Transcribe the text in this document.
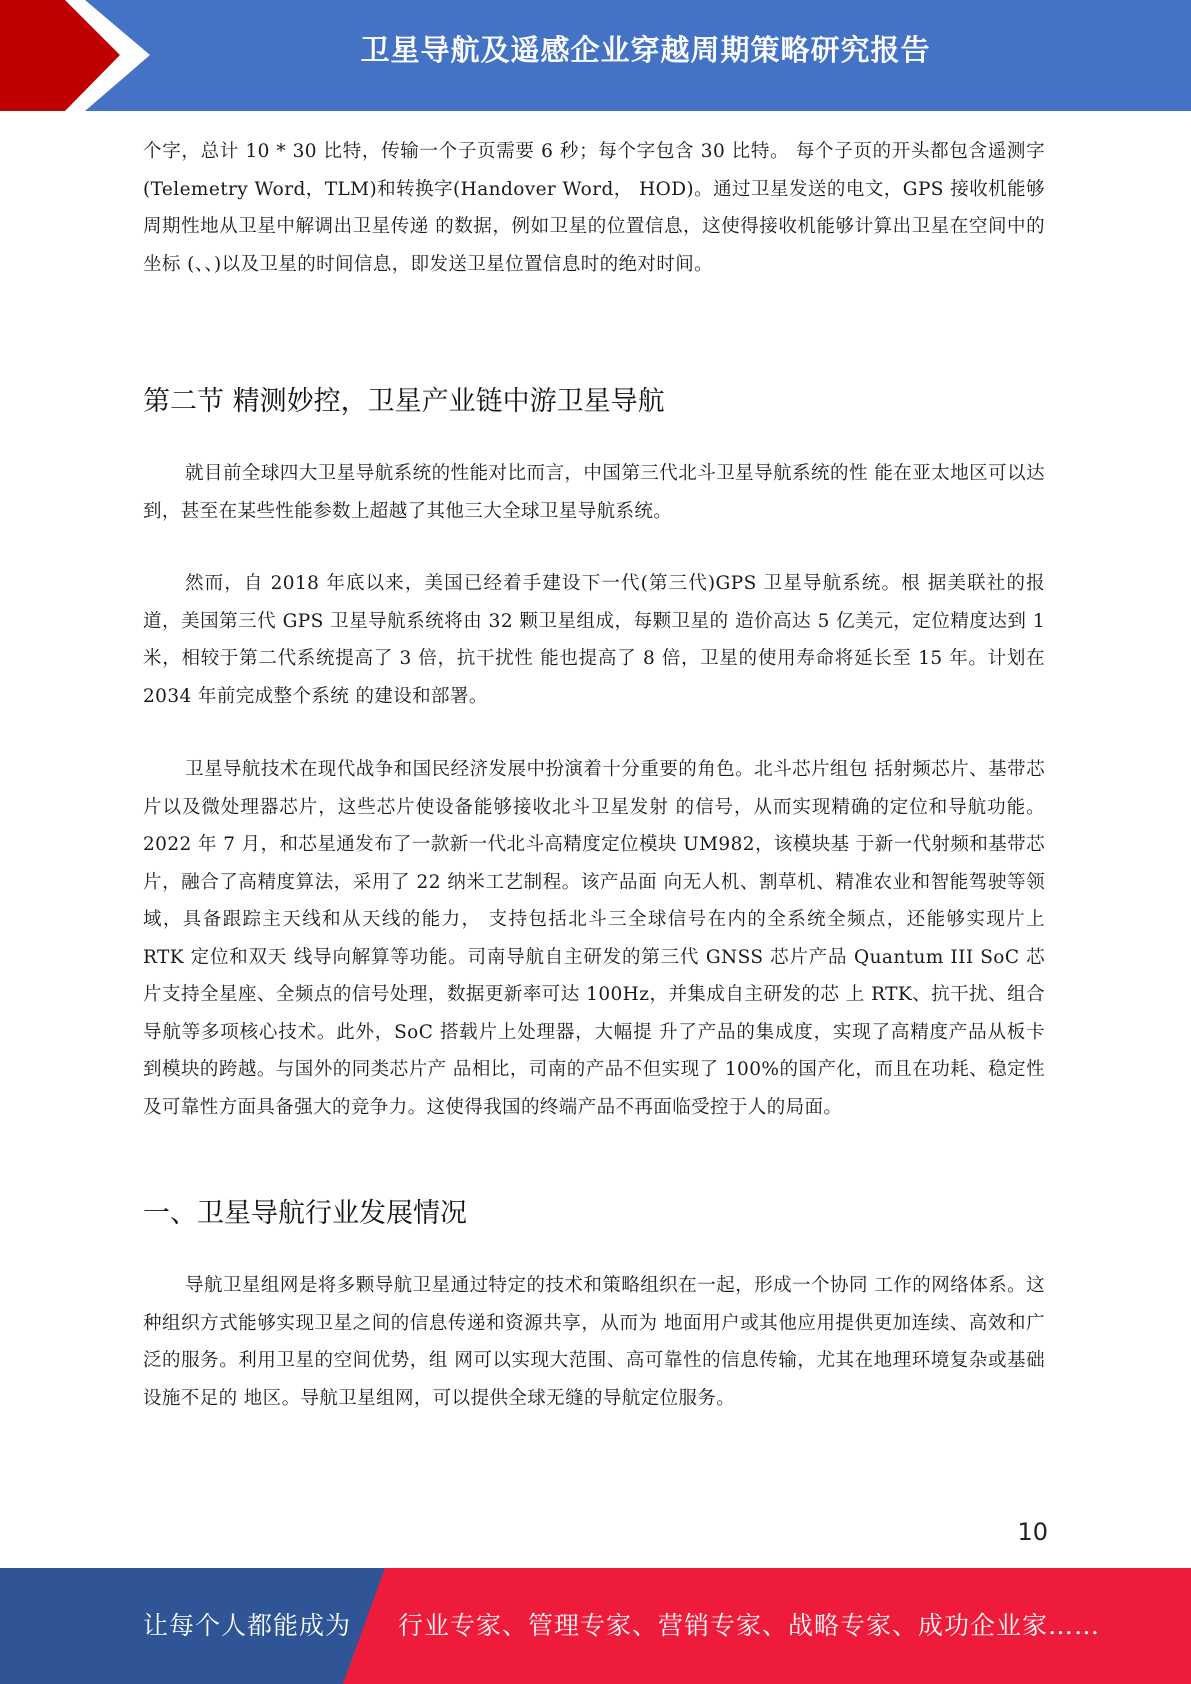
卫星导航及遥感企业穿越周期策略研究报告

个字，总计 10 * 30 比特，传输一个子页需要 6 秒；每个字包含 30 比特。 每个子页的开头都包含遥测字(Telemetry Word，TLM)和转换字(Handover Word， HOD)。通过卫星发送的电文，GPS 接收机能够周期性地从卫星中解调出卫星传递 的数据，例如卫星的位置信息，这使得接收机能够计算出卫星在空间中的坐标 (、、)以及卫星的时间信息，即发送卫星位置信息时的绝对时间。

第二节 精测妙控，卫星产业链中游卫星导航

就目前全球四大卫星导航系统的性能对比而言，中国第三代北斗卫星导航系统的性 能在亚太地区可以达到，甚至在某些性能参数上超越了其他三大全球卫星导航系统。

然而，自 2018 年底以来，美国已经着手建设下一代(第三代)GPS 卫星导航系统。根 据美联社的报道，美国第三代 GPS 卫星导航系统将由 32 颗卫星组成，每颗卫星的 造价高达 5 亿美元，定位精度达到 1 米，相较于第二代系统提高了 3 倍，抗干扰性 能也提高了 8 倍，卫星的使用寿命将延长至 15 年。计划在 2034 年前完成整个系统 的建设和部署。

卫星导航技术在现代战争和国民经济发展中扮演着十分重要的角色。北斗芯片组包 括射频芯片、基带芯片以及微处理器芯片，这些芯片使设备能够接收北斗卫星发射 的信号，从而实现精确的定位和导航功能。 2022 年 7 月，和芯星通发布了一款新一代北斗高精度定位模块 UM982，该模块基 于新一代射频和基带芯片，融合了高精度算法，采用了 22 纳米工艺制程。该产品面 向无人机、割草机、精准农业和智能驾驶等领域，具备跟踪主天线和从天线的能力， 支持包括北斗三全球信号在内的全系统全频点，还能够实现片上 RTK 定位和双天 线导向解算等功能。司南导航自主研发的第三代 GNSS 芯片产品 Quantum III SoC 芯 片支持全星座、全频点的信号处理，数据更新率可达 100Hz，并集成自主研发的芯 上 RTK、抗干扰、组合导航等多项核心技术。此外，SoC 搭载片上处理器，大幅提 升了产品的集成度，实现了高精度产品从板卡到模块的跨越。与国外的同类芯片产 品相比，司南的产品不但实现了 100%的国产化，而且在功耗、稳定性及可靠性方面具备强大的竞争力。这使得我国的终端产品不再面临受控于人的局面。

一、卫星导航行业发展情况

导航卫星组网是将多颗导航卫星通过特定的技术和策略组织在一起，形成一个协同 工作的网络体系。这种组织方式能够实现卫星之间的信息传递和资源共享，从而为 地面用户或其他应用提供更加连续、高效和广泛的服务。利用卫星的空间优势，组 网可以实现大范围、高可靠性的信息传输，尤其在地理环境复杂或基础设施不足的 地区。导航卫星组网，可以提供全球无缝的导航定位服务。

10
让每个人都能成为 行业专家、管理专家、营销专家、战略专家、成功企业家……
